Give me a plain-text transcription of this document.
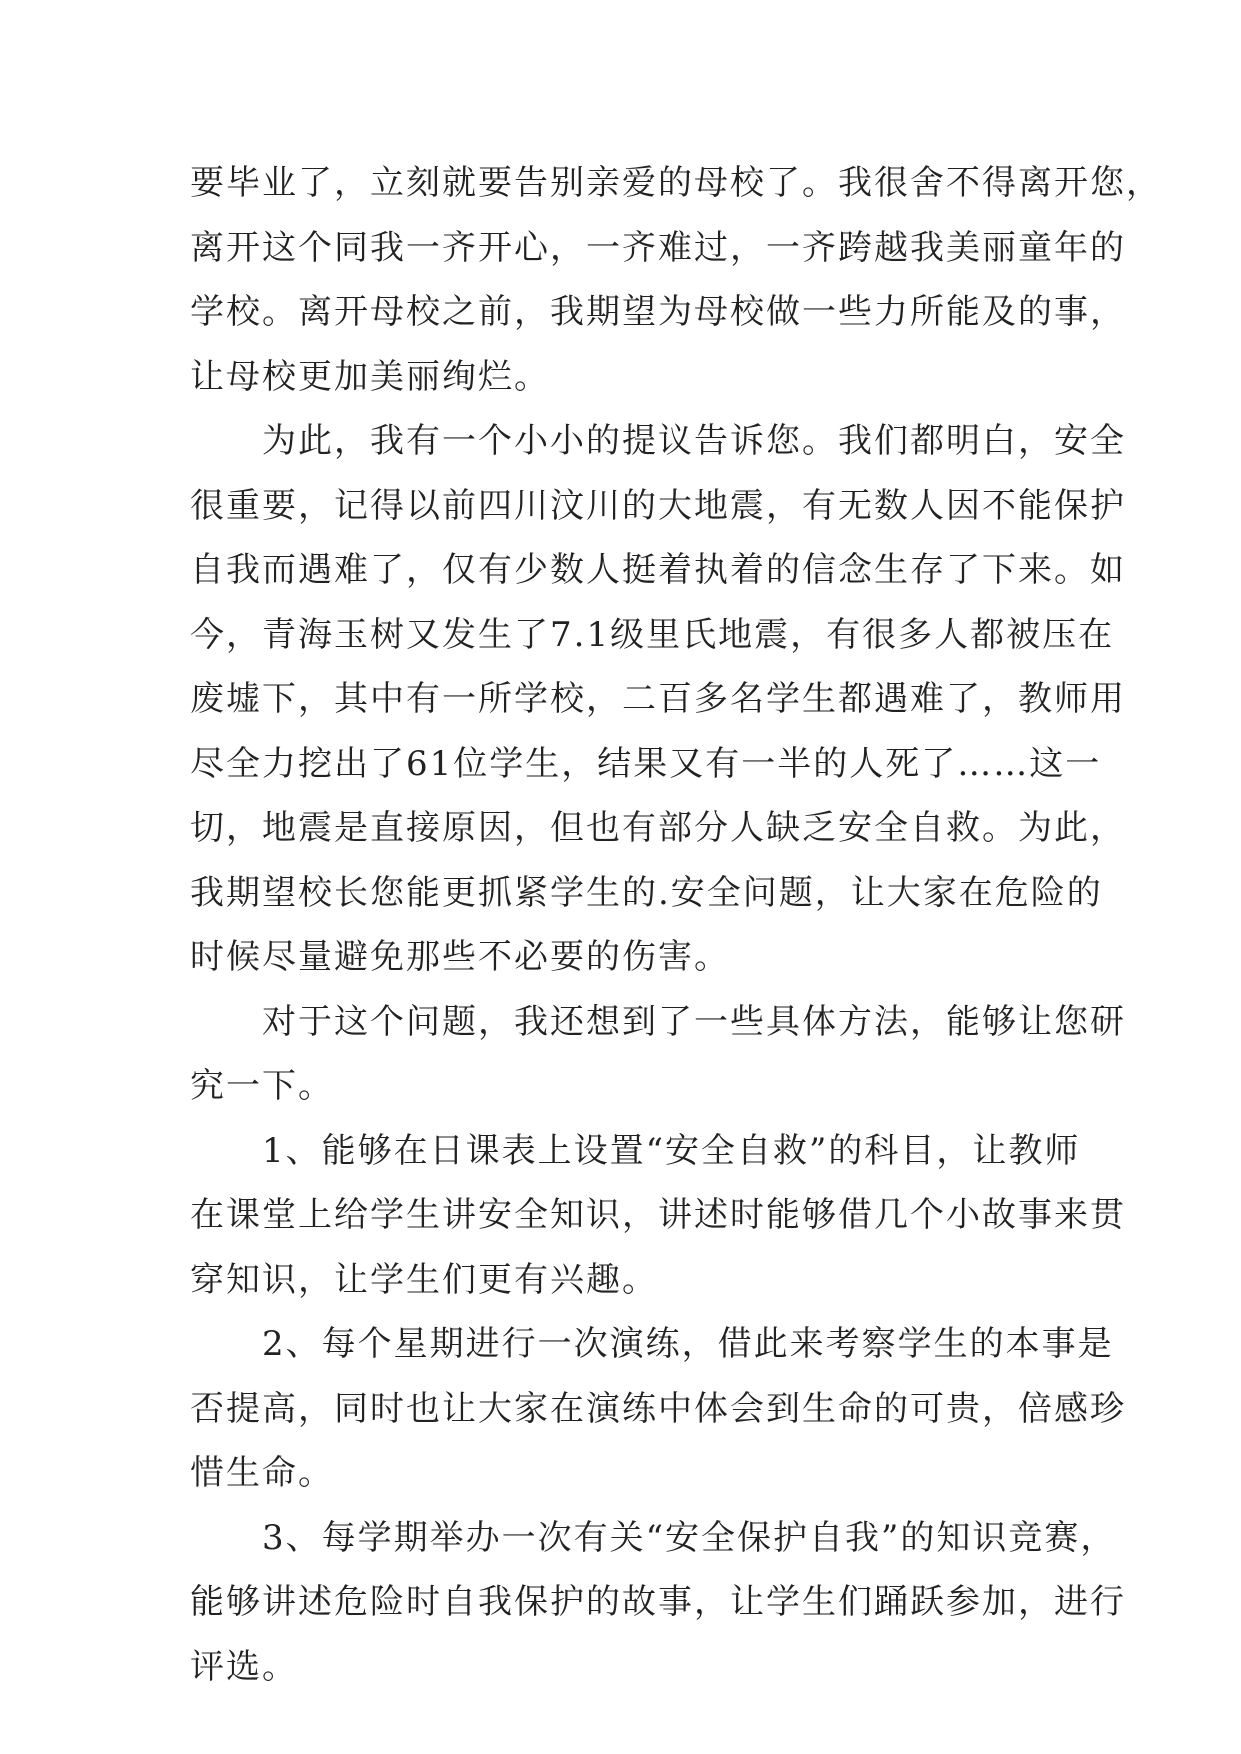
要毕业了，立刻就要告别亲爱的母校了。我很舍不得离开您，
离开这个同我一齐开心，一齐难过，一齐跨越我美丽童年的
学校。离开母校之前，我期望为母校做一些力所能及的事，
让母校更加美丽绚烂。
　　为此，我有一个小小的提议告诉您。我们都明白，安全
很重要，记得以前四川汶川的大地震，有无数人因不能保护
自我而遇难了，仅有少数人挺着执着的信念生存了下来。如
今，青海玉树又发生了7.1级里氏地震，有很多人都被压在
废墟下，其中有一所学校，二百多名学生都遇难了，教师用
尽全力挖出了61位学生，结果又有一半的人死了……这一
切，地震是直接原因，但也有部分人缺乏安全自救。为此，
我期望校长您能更抓紧学生的.安全问题，让大家在危险的
时候尽量避免那些不必要的伤害。
　　对于这个问题，我还想到了一些具体方法，能够让您研
究一下。
　　1、能够在日课表上设置“安全自救”的科目，让教师
在课堂上给学生讲安全知识，讲述时能够借几个小故事来贯
穿知识，让学生们更有兴趣。
　　2、每个星期进行一次演练，借此来考察学生的本事是
否提高，同时也让大家在演练中体会到生命的可贵，倍感珍
惜生命。
　　3、每学期举办一次有关“安全保护自我”的知识竞赛，
能够讲述危险时自我保护的故事，让学生们踊跃参加，进行
评选。
